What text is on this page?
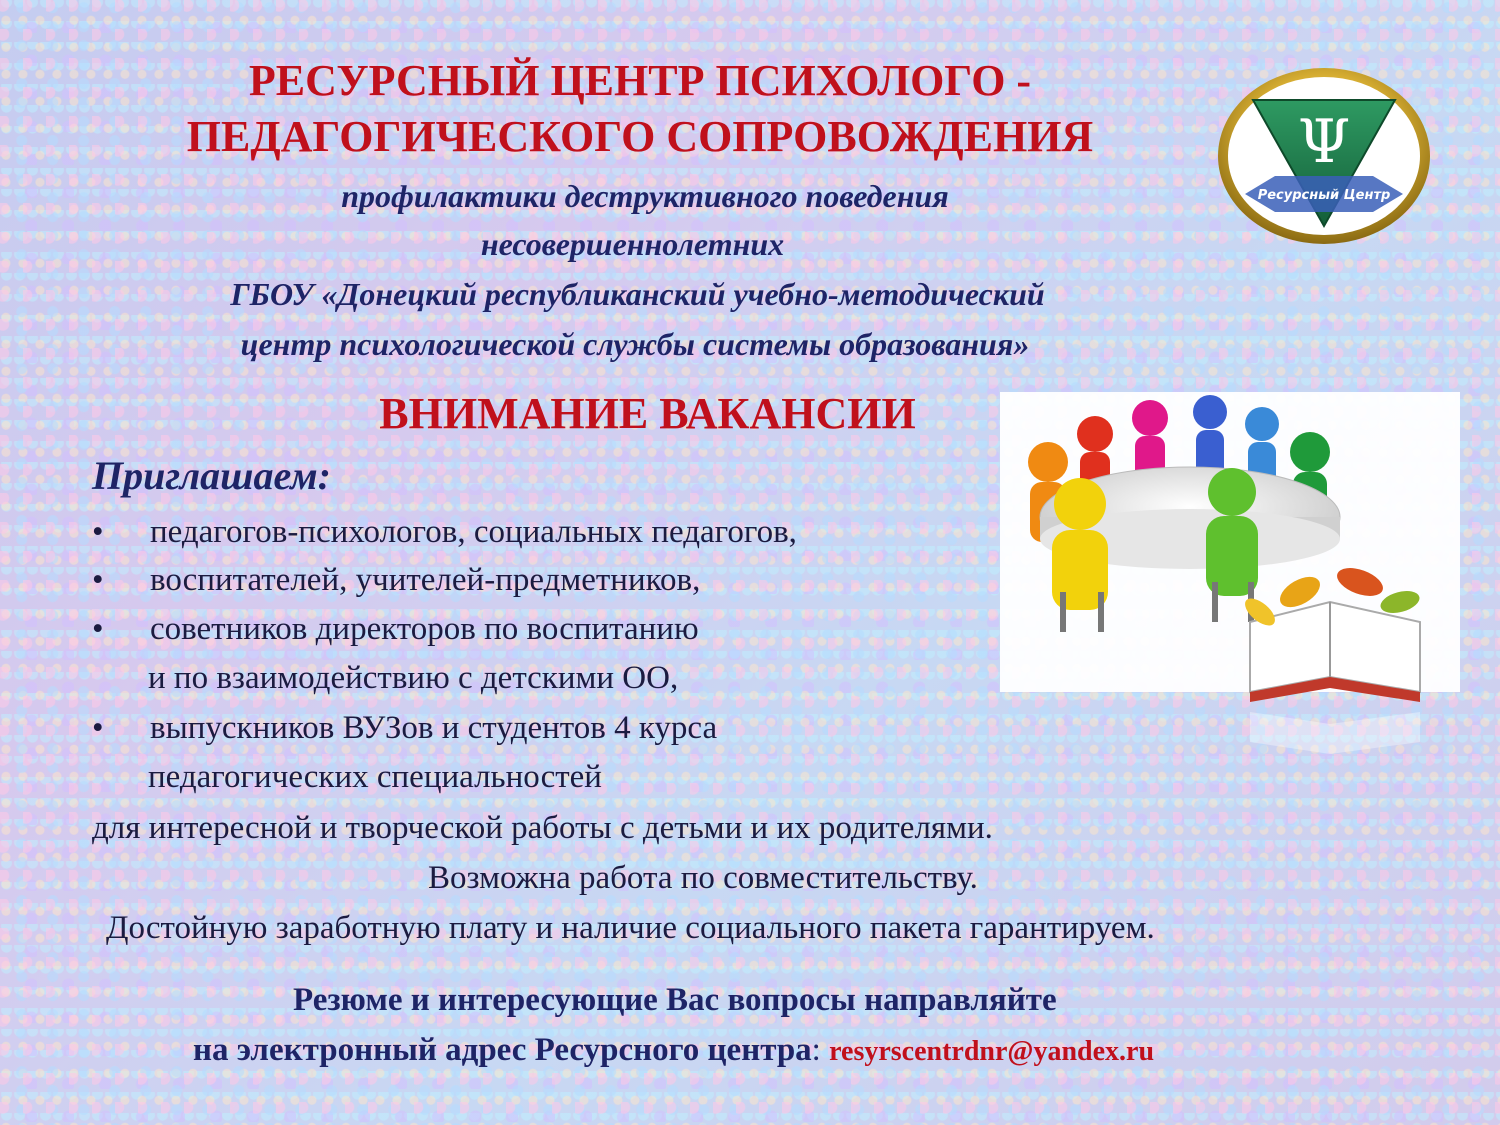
РЕСУРСНЫЙ ЦЕНТР ПСИХОЛОГО -
ПЕДАГОГИЧЕСКОГО СОПРОВОЖДЕНИЯ
профилактики деструктивного поведения
несовершеннолетних
ГБОУ «Донецкий республиканский учебно-методический
центр психологической службы системы образования»
Ψ
Ресурсный Центр
ВНИМАНИЕ ВАКАНСИИ
Приглашаем:
• педагогов-психологов, социальных педагогов,
• воспитателей, учителей-предметников,
• советников директоров по воспитанию
и по взаимодействию с детскими ОО,
• выпускников ВУЗов и студентов 4 курса
педагогических специальностей
для интересной и творческой работы с детьми и их родителями.
Возможна работа по совместительству.
Достойную заработную плату и наличие социального пакета гарантируем.
Резюме и интересующие Вас вопросы направляйте
на электронный адрес Ресурсного центра: resyrscentrdnr@yandex.ru
